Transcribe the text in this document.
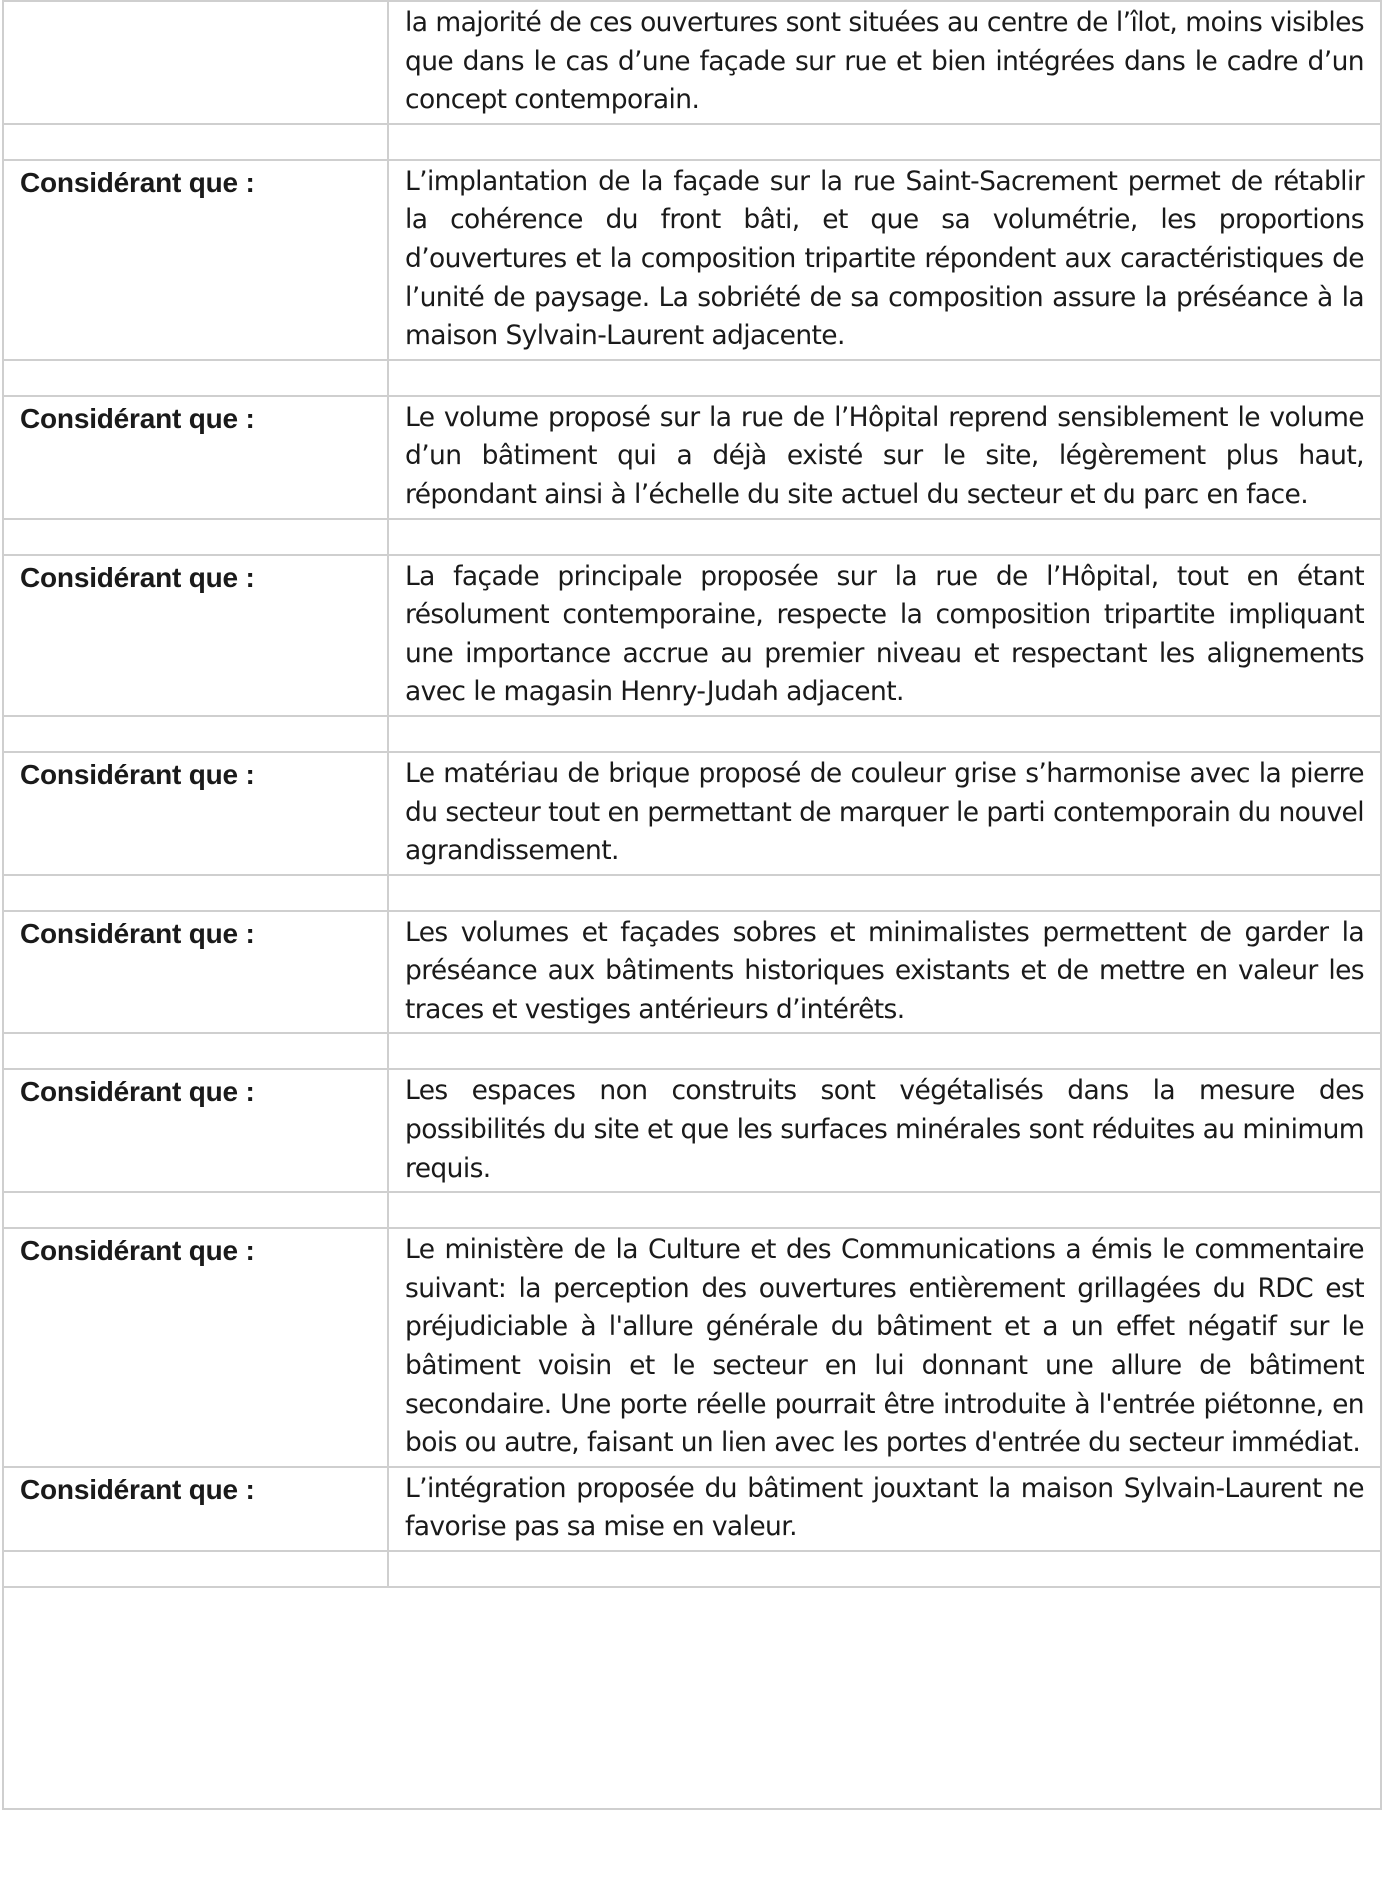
	la majorité de ces ouvertures sont situées au centre de l’îlot, moins visibles que dans le cas d’une façade sur rue et bien intégrées dans le cadre d’un concept contemporain.

Considérant que :	L’implantation de la façade sur la rue Saint-Sacrement permet de rétablir la cohérence du front bâti, et que sa volumétrie, les proportions d’ouvertures et la composition tripartite répondent aux caractéristiques de l’unité de paysage. La sobriété de sa composition assure la préséance à la maison Sylvain-Laurent adjacente.

Considérant que :	Le volume proposé sur la rue de l’Hôpital reprend sensiblement le volume d’un bâtiment qui a déjà existé sur le site, légèrement plus haut, répondant ainsi à l’échelle du site actuel du secteur et du parc en face.

Considérant que :	La façade principale proposée sur la rue de l’Hôpital, tout en étant résolument contemporaine, respecte la composition tripartite impliquant une importance accrue au premier niveau et respectant les alignements avec le magasin Henry-Judah adjacent.

Considérant que :	Le matériau de brique proposé de couleur grise s’harmonise avec la pierre du secteur tout en permettant de marquer le parti contemporain du nouvel agrandissement.

Considérant que :	Les volumes et façades sobres et minimalistes permettent de garder la préséance aux bâtiments historiques existants et de mettre en valeur les traces et vestiges antérieurs d’intérêts.

Considérant que :	Les espaces non construits sont végétalisés dans la mesure des possibilités du site et que les surfaces minérales sont réduites au minimum requis.

Considérant que :	Le ministère de la Culture et des Communications a émis le commentaire suivant: la perception des ouvertures entièrement grillagées du RDC est préjudiciable à l'allure générale du bâtiment et a un effet négatif sur le bâtiment voisin et le secteur en lui donnant une allure de bâtiment secondaire. Une porte réelle pourrait être introduite à l'entrée piétonne, en bois ou autre, faisant un lien avec les portes d'entrée du secteur immédiat.
Considérant que :	L’intégration proposée du bâtiment jouxtant la maison Sylvain-Laurent ne favorise pas sa mise en valeur.
